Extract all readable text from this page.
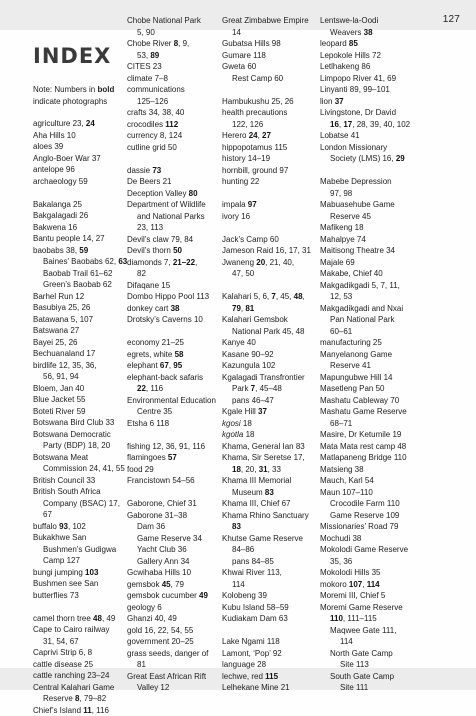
127
INDEX
Note: Numbers in bold indicate photographs
agriculture 23, 24
Aha Hills 10
aloes 39
Anglo-Boer War 37
antelope 96
archaeology 59
Bakalanga 25
Bakgalagadi 26
Bakwena 16
Bantu people 14, 27
baobabs 38, 59
Baines’ Baobabs 62, 63
Baobab Trail 61–62
Green’s Baobab 62
Barhel Run 12
Basubiya 25, 26
Batawana 5, 107
Batswana 27
Bayei 25, 26
Bechuanaland 17
birdlife 12, 35, 36,
56, 91, 94
Bloem, Jan 40
Blue Jacket 55
Boteti River 59
Botswana Bird Club 33
Botswana Democratic
Party (BDP) 18, 20
Botswana Meat
Commission 24, 41, 55
British Council 33
British South Africa
Company (BSAC) 17,
67
buffalo 93, 102
Bukakhwe San
Bushmen’s Gudigwa
Camp 127
bungi jumping 103
Bushmen see San
butterflies 73
camel thorn tree 48, 49
Cape to Cairo railway
31, 54, 67
Caprivi Strip 6, 8
cattle disease 25
cattle ranching 23–24
Central Kalahari Game
Reserve 8, 79–82
Chief’s Island 11, 116
Chobe National Park
5, 90
Chobe River 8, 9,
53, 89
CITES 23
climate 7–8
communications
125–126
crafts 34, 38, 40
crocodiles 112
currency 8, 124
cutline grid 50
dassie 73
De Beers 21
Deception Valley 80
Department of Wildlife
and National Parks
23, 113
Devil’s claw 79, 84
Devil’s thorn 50
diamonds 7, 21–22,
82
Difaqane 15
Dombo Hippo Pool 113
donkey cart 38
Drotsky’s Caverns 10
economy 21–25
egrets, white 58
elephant 67, 95
elephant-back safaris
22, 116
Environmental Education
Centre 35
Etsha 6 118
fishing 12, 36, 91, 116
flamingoes 57
food 29
Francistown 54–56
Gaborone, Chief 31
Gaborone 31–38
Dam 36
Game Reserve 34
Yacht Club 36
Gallery Ann 34
Gcwihaba Hills 10
gemsbok 45, 79
gemsbok cucumber 49
geology 6
Ghanzi 40, 49
gold 16, 22, 54, 55
government 20–25
grass seeds, danger of
81
Great East African Rift
Valley 12
Great Zimbabwe Empire
14
Gubatsa Hills 98
Gumare 118
Gweta 60
Rest Camp 60
Hambukushu 25, 26
health precautions
122, 126
Herero 24, 27
hippopotamus 115
history 14–19
hornbill, ground 97
hunting 22
impala 97
ivory 16
Jack’s Camp 60
Jameson Raid 16, 17, 31
Jwaneng 20, 21, 40,
47, 50
Kalahari 5, 6, 7, 45, 48,
79, 81
Kalahari Gemsbok
National Park 45, 48
Kanye 40
Kasane 90–92
Kazungula 102
Kgalagadi Transfrontier
Park 7, 45–48
pans 46–47
Kgale Hill 37
kgosi 18
kgotla 18
Khama, General Ian 83
Khama, Sir Seretse 17,
18, 20, 31, 33
Khama III Memorial
Museum 83
Khama III, Chief 67
Khama Rhino Sanctuary
83
Khutse Game Reserve
84–86
pans 84–85
Khwai River 113,
114
Kolobeng 39
Kubu Island 58–59
Kudiakam Dam 63
Lake Ngami 118
Lamont, ‘Pop’ 92
language 28
lechwe, red 115
Lelhekane Mine 21
Lentswe-la-Oodi
Weavers 38
leopard 85
Lepokole Hills 72
Letlhakeng 86
Limpopo River 41, 69
Linyanti 89, 99–101
lion 37
Livingstone, Dr David
16, 17, 28, 39, 40, 102
Lobatse 41
London Missionary
Society (LMS) 16, 29
Mabebe Depression
97, 98
Mabuasehube Game
Reserve 45
Mafikeng 18
Mahalpye 74
Maitisong Theatre 34
Majale 69
Makabe, Chief 40
Makgadikgadi 5, 7, 11,
12, 53
Makgadikgadi and Nxai
Pan National Park
60–61
manufacturing 25
Manyelanong Game
Reserve 41
Mapungubwe Hill 14
Masetleng Pan 50
Mashatu Cableway 70
Mashatu Game Reserve
68–71
Masire, Dr Ketumile 19
Mata Mata rest camp 48
Matlapaneng Bridge 110
Matsieng 38
Mauch, Karl 54
Maun 107–110
Crocodile Farm 110
Game Reserve 109
Missionaries’ Road 79
Mochudi 38
Mokolodi Game Reserve
35, 36
Mokolodi Hills 35
mokoro 107, 114
Moremi III, Chief 5
Moremi Game Reserve
110, 111–115
Maqwee Gate 111,
114
North Gate Camp
Site 113
South Gate Camp
Site 111
